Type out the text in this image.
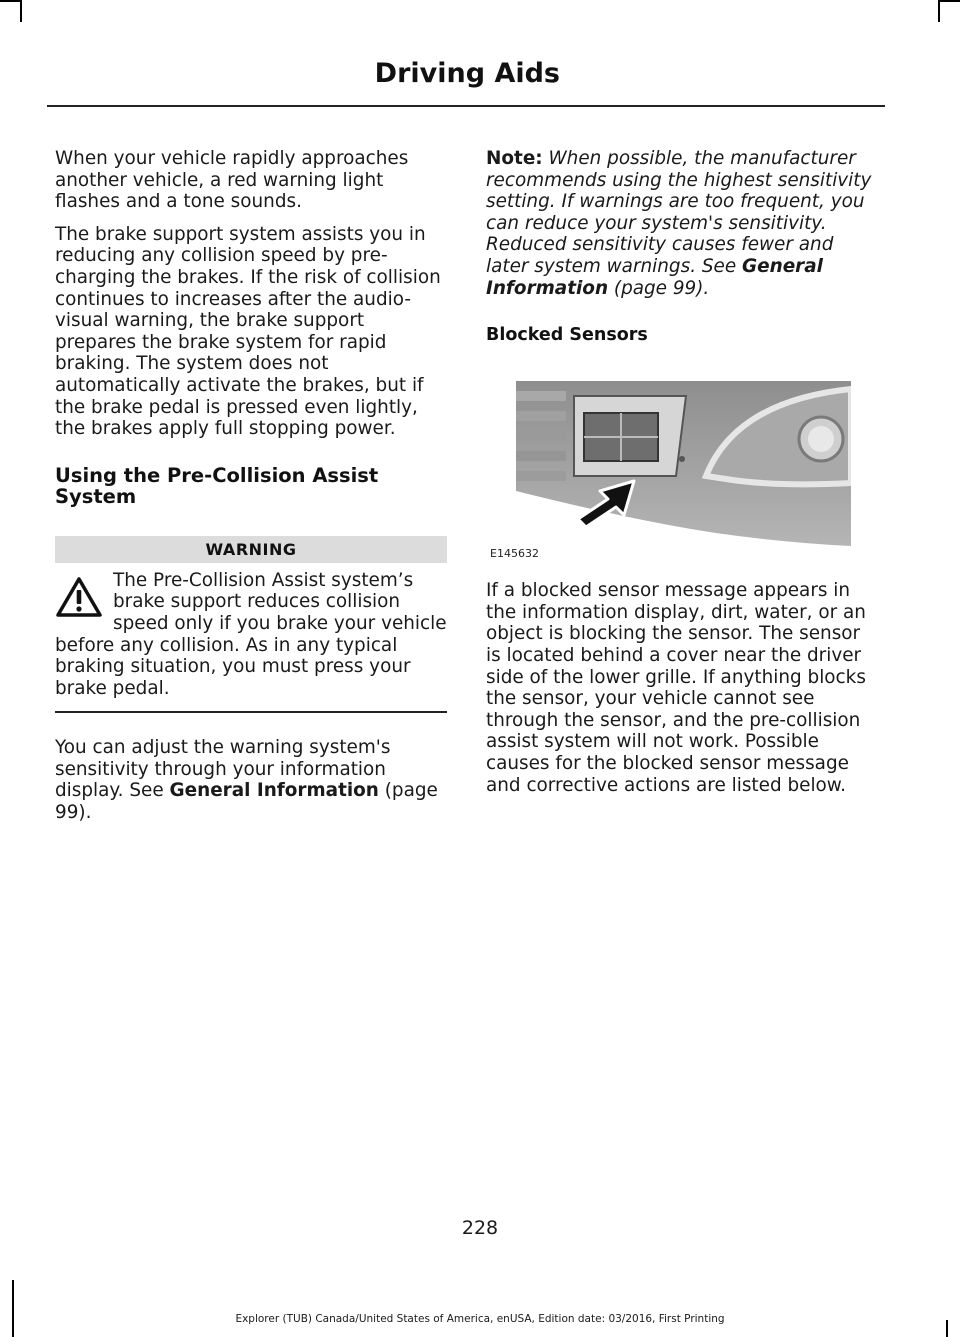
Driving Aids

When your vehicle rapidly approaches another vehicle, a red warning light flashes and a tone sounds.

The brake support system assists you in reducing any collision speed by pre-charging the brakes. If the risk of collision continues to increases after the audio-visual warning, the brake support prepares the brake system for rapid braking. The system does not automatically activate the brakes, but if the brake pedal is pressed even lightly, the brakes apply full stopping power.

Using the Pre-Collision Assist System
WARNING

The Pre-Collision Assist system’s brake support reduces collision speed only if you brake your vehicle before any collision. As in any typical braking situation, you must press your brake pedal.

You can adjust the warning system's sensitivity through your information display. See General Information (page 99).

Note: When possible, the manufacturer recommends using the highest sensitivity setting. If warnings are too frequent, you can reduce your system's sensitivity. Reduced sensitivity causes fewer and later system warnings. See General Information (page 99).

Blocked Sensors
E145632

If a blocked sensor message appears in the information display, dirt, water, or an object is blocking the sensor. The sensor is located behind a cover near the driver side of the lower grille. If anything blocks the sensor, your vehicle cannot see through the sensor, and the pre-collision assist system will not work. Possible causes for the blocked sensor message and corrective actions are listed below.

228
Explorer (TUB) Canada/United States of America, enUSA, Edition date: 03/2016, First Printing
